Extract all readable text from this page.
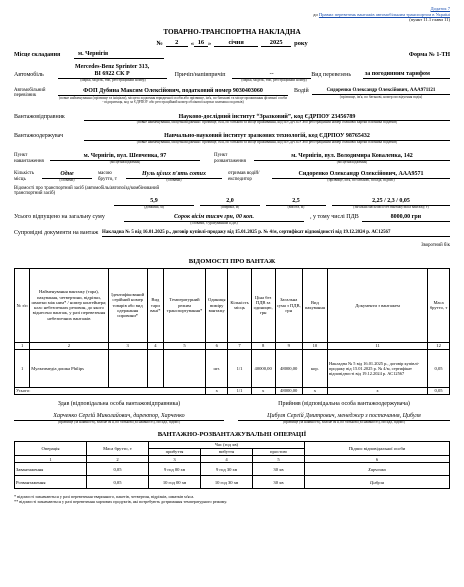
Додаток 7
до Правил перевезень вантажів автомобільним транспортом в Україні
(пункт 11.1 глави 11)
ТОВАРНО-ТРАНСПОРТНА НАКЛАДНА
№	2	« 16 »	січня	2025	року
Місце складання	м. Чернігів	Форма № 1-ТН
Автомобіль
Mercedes-Benz Sprinter 313,
ВІ 6922 СК Р	Причіп/напівпричіп	--	Вид перевезень	за погодинним тарифом
(марка, модель, тип, реєстраційний номер)	(марка, модель, тип, реєстраційний номер)
Автомобільний перевізник
ФОП Дубина Максим Олексійович, податковий номер 9030403060
(повне найменування (прізвище та ініціали), місцеза ходження юридичної особи або прізвище, ім'я, по батькові та місце проживання фізичної особи - підприємця, код за ЄДРПОУ або реєстраційний номер облікової картки платника податків)
Водій	Сидоренко Олександр Олексійович, ААА971121
(прізвище, ім'я, по батькові, номер посвідчення водія)
Вантажовідправник	Науково-дослідний інститут “Зразковий”, код ЄДРПОУ 23456789
(повне найменування, місцезнаходження / прізвище, ім'я, по батькові та місце проживання, код за ЄДРПОУ або реєстраційний номер облікової картки платника податків)
Вантажоодержувач	Навчально-науковий інститут зразкових технологій, код ЄДРПОУ 98765432
(повне найменування, місцезнаходження / прізвище, ім'я, по батькові та місце проживання, код за ЄДРПОУ або реєстраційний номер облікової картки платника податків)
Пункт навантаження
м. Чернігів, вул. Шевченка, 97
(місцезнаходження)
Пункт розвантаження
м. Чернігів, вул. Володимира Коваленка, 142
(місцезнаходження)
Кількість місць
Одне
(словами)
масою брутто, т
Нуль цілих п'ять сотих
(словами)
отримав водій/експедитор
Сидоренко Олександр Олексійович, ААА9571
(прізвище, ім'я, по батькові, посада, підпис)
Відомості про транспортний засіб (автомобіль/автопоїзд/комбінований транспортний засіб)
5,9
(довжина, м)
2,0
(ширина, м)
2,5
(висота, м)
2,25 / 2,3 / 0,05
(загальна маса/маса без вантажу/маса вантажу, т)
Усього відпущено на загальну суму	Сорок вісім тисяч грн, 00 коп.
(словами, з урахуванням ПДВ)
, у тому числі ПДВ	8000,00 грн
Супровідні документи на вантаж Накладна № 5 від 16.01.2025 р., договір купівлі-продажу від 15.01.2025 р. № 4/м, сертифікат відповідності від 19.12.2024 р. АС12567
Зворотний бік
ВІДОМОСТІ ПРО ВАНТАЖ
№ з/п	Найменування вантажу (тара), пакування, четвертини, відрізки, шматки між ним* / номер контейнера; клас небезпечних речовин, до якого віднесено вантаж, у разі перевезення небезпечних вантажів	Ідентифікований серійний номер товарів або вид одержання сировини*	Вид тари вані*	Температурний режим транспортування*	Одиниця виміру вантажу	Кількість місць	Ціна без ПДВ за одиницю, грн	Загальна сума з ПДВ, грн	Вид пакування	Документи з вантажем	Маса брутто, т
1	2	3	4	5	6	7	8	9	10	11	12
1	Мультимедіа дошка Philips				шт.	1/1	40000,00	48000,00	кор.	Накладна № 5 від 16.01.2025 р., договір купівлі-продажу від 15.01.2025 р. № 4/м, сертифікат відповідності від 19.12.2024 р. АС12567	0,05
Усього:					x	1/1	x	48000,00	x	x	0,05
Здав (відповідальна особа вантажовідправника)
Харченко Сергій Миколайович, директор, Харченко
(прізвище (за наявності), власне ім'я, по батькові (за наявності), посада, підпис)
Прийняв (відповідальна особа вантажоодержувача)
Цибуля Сергій Дмитрович, менеджер з постачання, Цибуля
(прізвище (за наявності), власне ім'я, по батькові (за наявності), посада, підпис)
ВАНТАЖНО-РОЗВАНТАЖУВАЛЬНІ ОПЕРАЦІЇ
Операція	Маса брутто, т	Час (год хв)			Підпис відповідальної особи
		прибуття	вибуття	простою	
1	2	3	4	5	6
Завантаження	0,05	9 год 00 хв	9 год 30 хв	30 хв	Харченко
Розвантаження	0,05	10 год 00 хв	10 год 30 хв	30 хв	Цибуля
* відомості зазначаються у разі перевезення тваринного, пакетів, четвертин, відрізків, шматків м'яса.
** відомості зазначаються у разі перевезення харчових продуктів, які потребують дотримання температурного режиму.
